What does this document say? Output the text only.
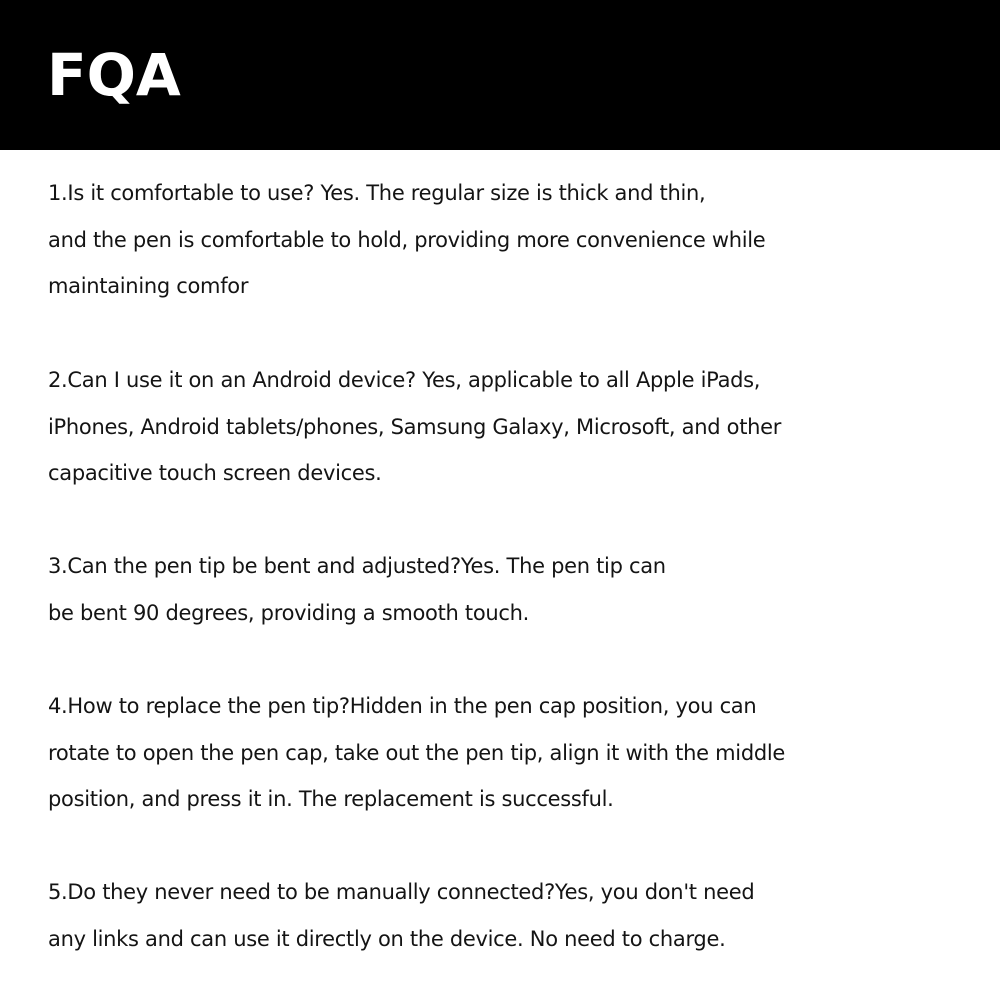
FQA
1.Is it comfortable to use? Yes. The regular size is thick and thin,
and the pen is comfortable to hold, providing more convenience while
maintaining comfor
2.Can I use it on an Android device? Yes, applicable to all Apple iPads,
iPhones, Android tablets/phones, Samsung Galaxy, Microsoft, and other
capacitive touch screen devices.
3.Can the pen tip be bent and adjusted?Yes. The pen tip can
be bent 90 degrees, providing a smooth touch.
4.How to replace the pen tip?Hidden in the pen cap position, you can
rotate to open the pen cap, take out the pen tip, align it with the middle
position, and press it in. The replacement is successful.
5.Do they never need to be manually connected?Yes, you don't need
any links and can use it directly on the device. No need to charge.
